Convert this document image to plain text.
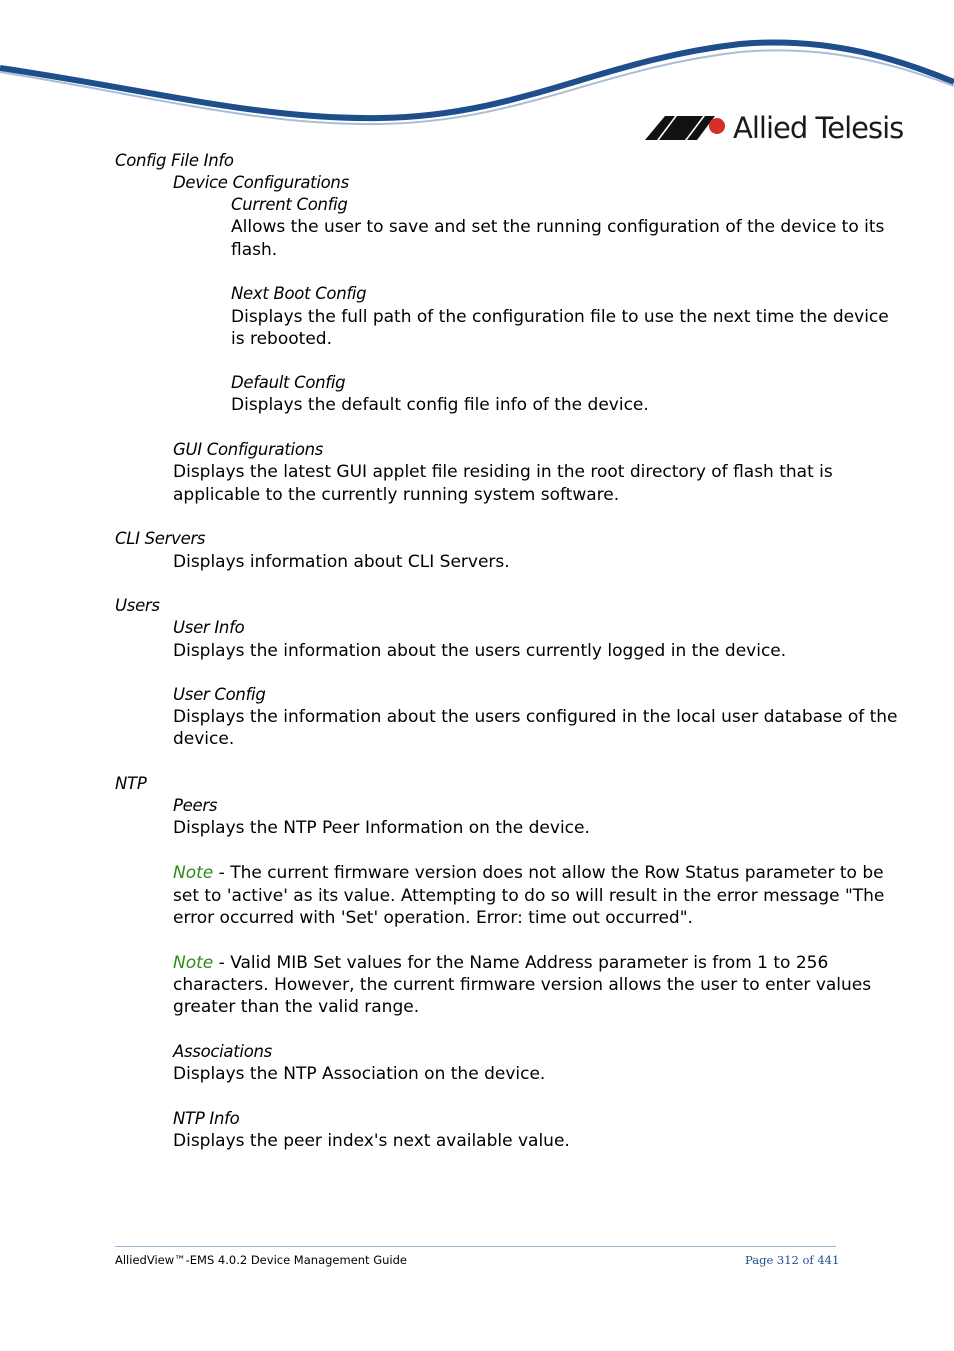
Allied Telesis
Config File Info
Device Configurations
Current Config
Allows the user to save and set the running configuration of the device to its
flash.
Next Boot Config
Displays the full path of the configuration file to use the next time the device
is rebooted.
Default Config
Displays the default config file info of the device.
GUI Configurations
Displays the latest GUI applet file residing in the root directory of flash that is
applicable to the currently running system software.
CLI Servers
Displays information about CLI Servers.
Users
User Info
Displays the information about the users currently logged in the device.
User Config
Displays the information about the users configured in the local user database of the
device.
NTP
Peers
Displays the NTP Peer Information on the device.
Note - The current firmware version does not allow the Row Status parameter to be
set to 'active' as its value. Attempting to do so will result in the error message "The
error occurred with 'Set' operation. Error: time out occurred".
Note - Valid MIB Set values for the Name Address parameter is from 1 to 256
characters. However, the current firmware version allows the user to enter values
greater than the valid range.
Associations
Displays the NTP Association on the device.
NTP Info
Displays the peer index's next available value.
AlliedView™-EMS 4.0.2 Device Management Guide	Page 312 of 441
